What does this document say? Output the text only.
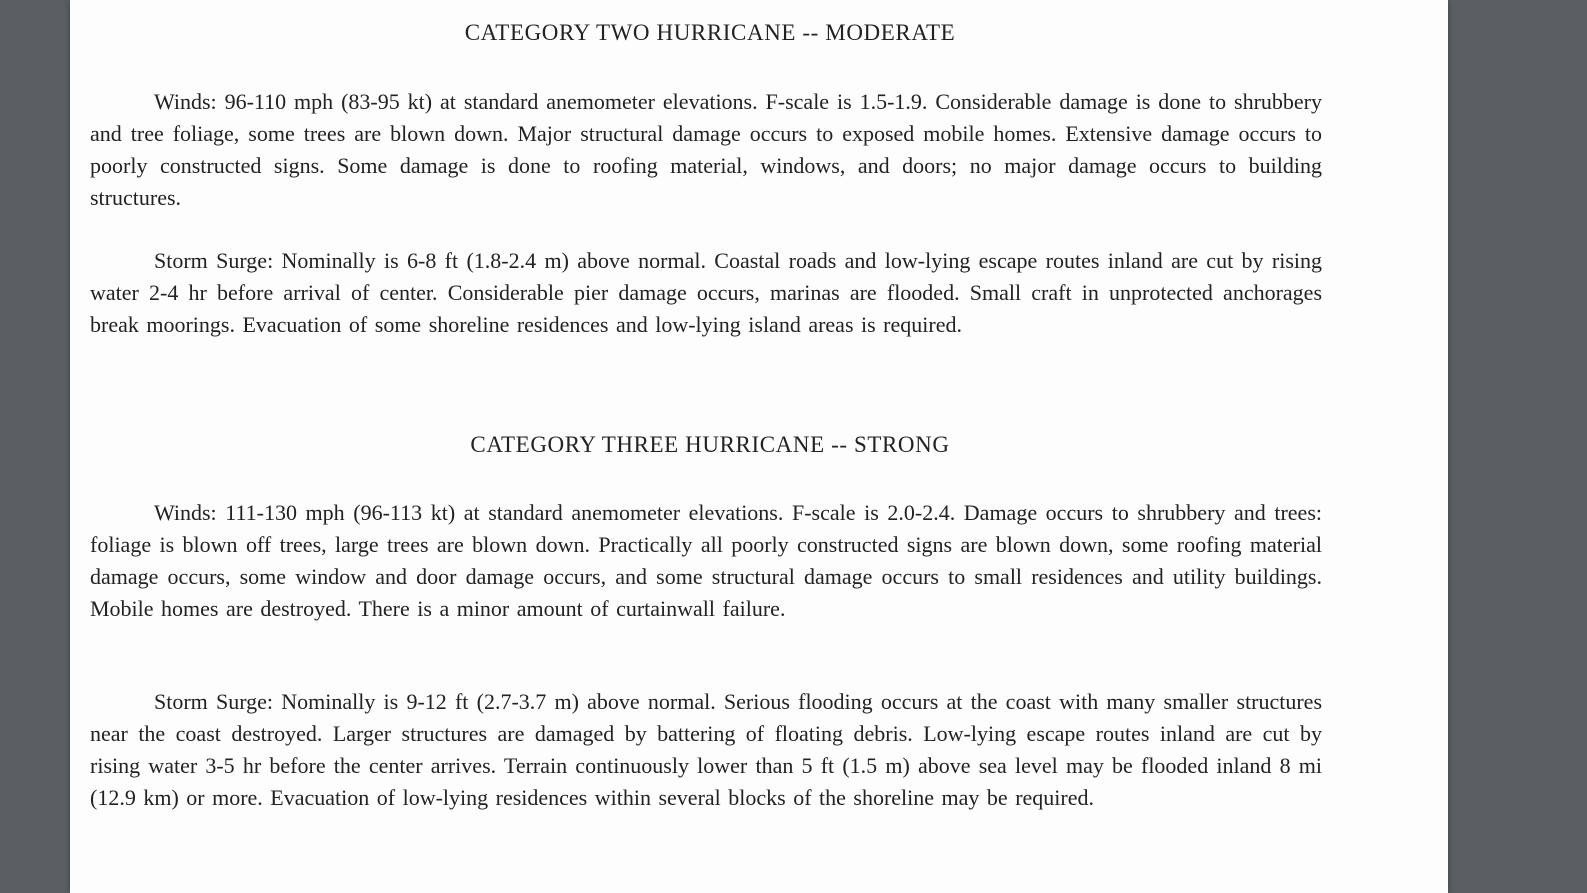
CATEGORY TWO HURRICANE -- MODERATE
Winds: 96-110 mph (83-95 kt) at standard anemometer elevations. F-scale is 1.5-1.9. Considerable damage is done to shrubbery and tree foliage, some trees are blown down. Major structural damage occurs to exposed mobile homes. Extensive damage occurs to poorly constructed signs. Some damage is done to roofing material, windows, and doors; no major damage occurs to building structures.
Storm Surge: Nominally is 6-8 ft (1.8-2.4 m) above normal. Coastal roads and low-lying escape routes inland are cut by rising water 2-4 hr before arrival of center. Considerable pier damage occurs, marinas are flooded. Small craft in unprotected anchorages break moorings. Evacuation of some shoreline residences and low-lying island areas is required.
CATEGORY THREE HURRICANE -- STRONG
Winds: 111-130 mph (96-113 kt) at standard anemometer elevations. F-scale is 2.0-2.4. Damage occurs to shrubbery and trees: foliage is blown off trees, large trees are blown down. Practically all poorly constructed signs are blown down, some roofing material damage occurs, some window and door damage occurs, and some structural damage occurs to small residences and utility buildings. Mobile homes are destroyed. There is a minor amount of curtainwall failure.
Storm Surge: Nominally is 9-12 ft (2.7-3.7 m) above normal. Serious flooding occurs at the coast with many smaller structures near the coast destroyed. Larger structures are damaged by battering of floating debris. Low-lying escape routes inland are cut by rising water 3-5 hr before the center arrives. Terrain continuously lower than 5 ft (1.5 m) above sea level may be flooded inland 8 mi (12.9 km) or more. Evacuation of low-lying residences within several blocks of the shoreline may be required.
